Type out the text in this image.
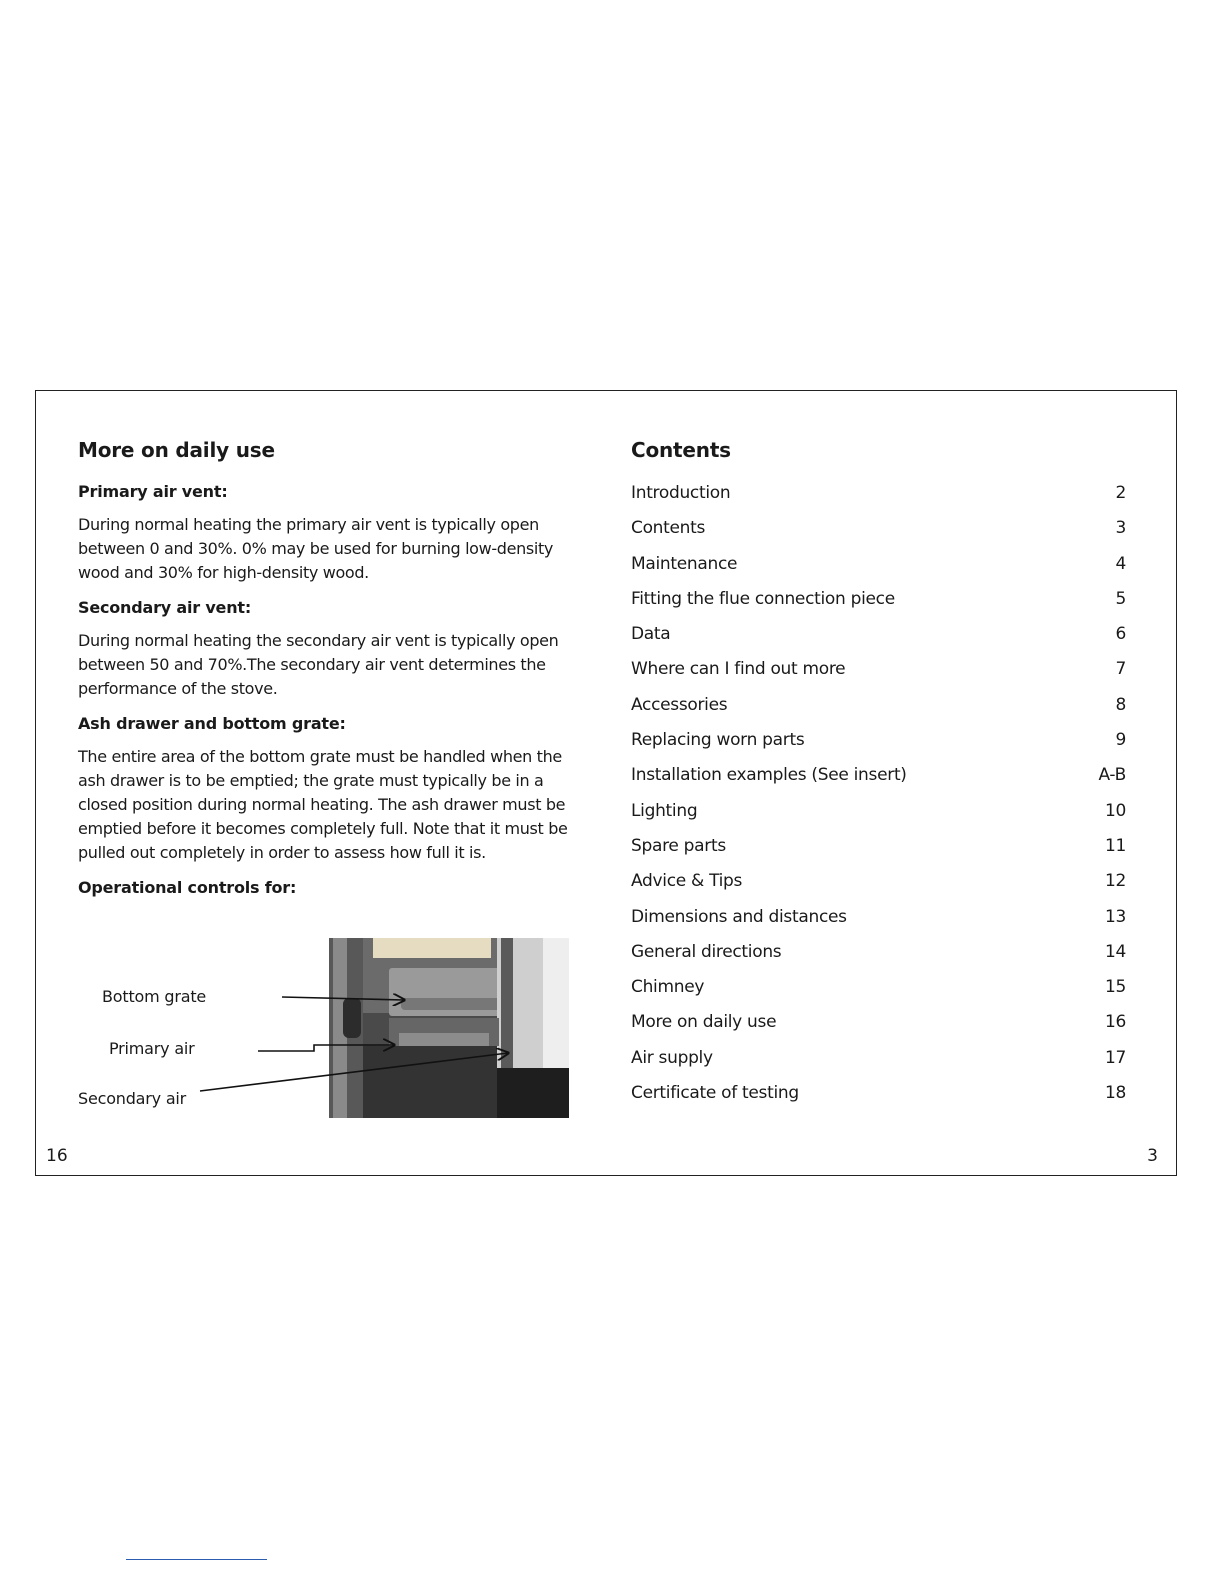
More on daily use
Primary air vent:

During normal heating the primary air vent is typically open between 0 and 30%. 0% may be used for burning low-density wood and 30% for high-density wood.

Secondary air vent:

During normal heating the secondary air vent is typically open between 50 and 70%.The secondary air vent determines the performance of the stove.

Ash drawer and bottom grate:

The entire area of the bottom grate must be handled when the ash drawer is to be emptied; the grate must typically be in a closed position during normal heating. The ash drawer must be emptied before it becomes completely full. Note that it must be pulled out completely in order to assess how full it is.

Operational controls for:
Bottom grate
Primary air
Secondary air
Contents
Introduction	2
Contents	3
Maintenance	4
Fitting the flue connection piece	5
Data	6
Where can I find out more	7
Accessories	8
Replacing worn parts	9
Installation examples (See insert)	A-B
Lighting	10
Spare parts	11
Advice & Tips	12
Dimensions and distances	13
General directions	14
Chimney	15
More on daily use	16
Air supply	17
Certificate of testing	18
16	3
